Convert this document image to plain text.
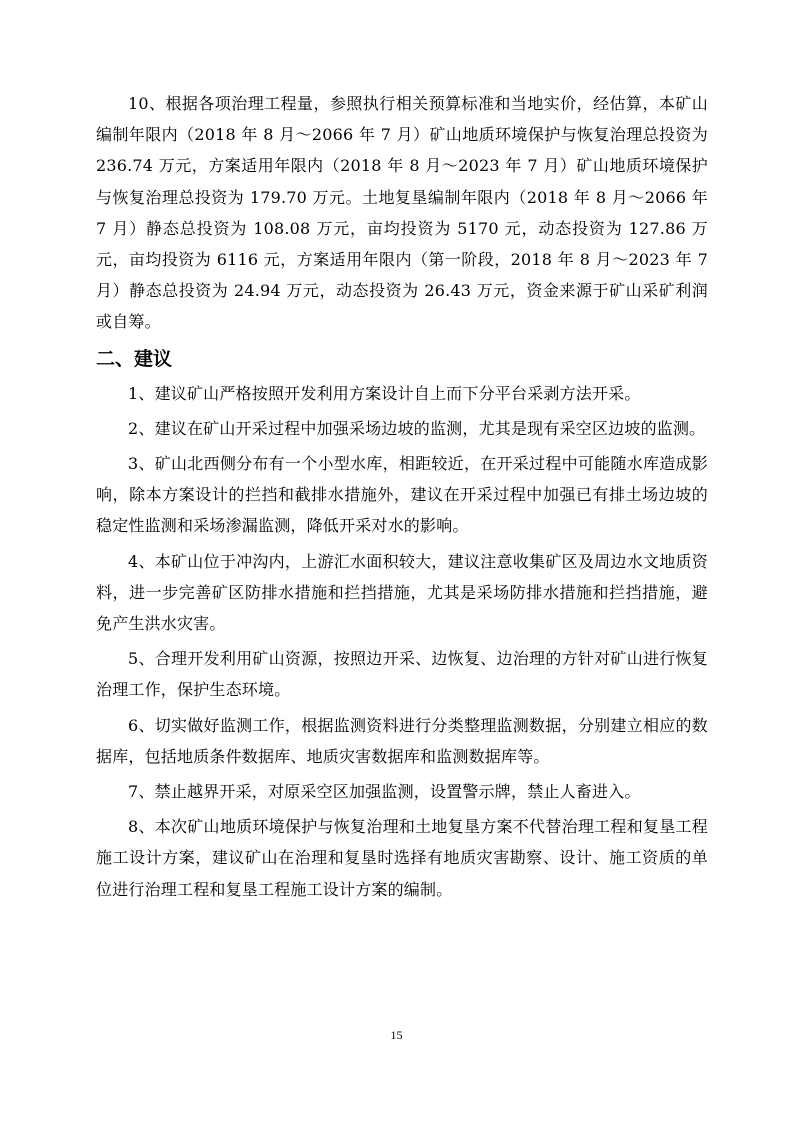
10、根据各项治理工程量，参照执行相关预算标准和当地实价，经估算，本矿山编制年限内（2018 年 8 月～2066 年 7 月）矿山地质环境保护与恢复治理总投资为 236.74 万元，方案适用年限内（2018 年 8 月～2023 年 7 月）矿山地质环境保护与恢复治理总投资为 179.70 万元。土地复垦编制年限内（2018 年 8 月～2066 年 7 月）静态总投资为 108.08 万元，亩均投资为 5170 元，动态投资为 127.86 万元，亩均投资为 6116 元，方案适用年限内（第一阶段，2018 年 8 月～2023 年 7 月）静态总投资为 24.94 万元，动态投资为 26.43 万元，资金来源于矿山采矿利润或自筹。

二、建议

1、建议矿山严格按照开发利用方案设计自上而下分平台采剥方法开采。

2、建议在矿山开采过程中加强采场边坡的监测，尤其是现有采空区边坡的监测。

3、矿山北西侧分布有一个小型水库，相距较近，在开采过程中可能随水库造成影响，除本方案设计的拦挡和截排水措施外，建议在开采过程中加强已有排土场边坡的稳定性监测和采场渗漏监测，降低开采对水的影响。

4、本矿山位于冲沟内，上游汇水面积较大，建议注意收集矿区及周边水文地质资料，进一步完善矿区防排水措施和拦挡措施，尤其是采场防排水措施和拦挡措施，避免产生洪水灾害。

5、合理开发利用矿山资源，按照边开采、边恢复、边治理的方针对矿山进行恢复治理工作，保护生态环境。

6、切实做好监测工作，根据监测资料进行分类整理监测数据，分别建立相应的数据库，包括地质条件数据库、地质灾害数据库和监测数据库等。

7、禁止越界开采，对原采空区加强监测，设置警示牌，禁止人畜进入。

8、本次矿山地质环境保护与恢复治理和土地复垦方案不代替治理工程和复垦工程施工设计方案，建议矿山在治理和复垦时选择有地质灾害勘察、设计、施工资质的单位进行治理工程和复垦工程施工设计方案的编制。

15
